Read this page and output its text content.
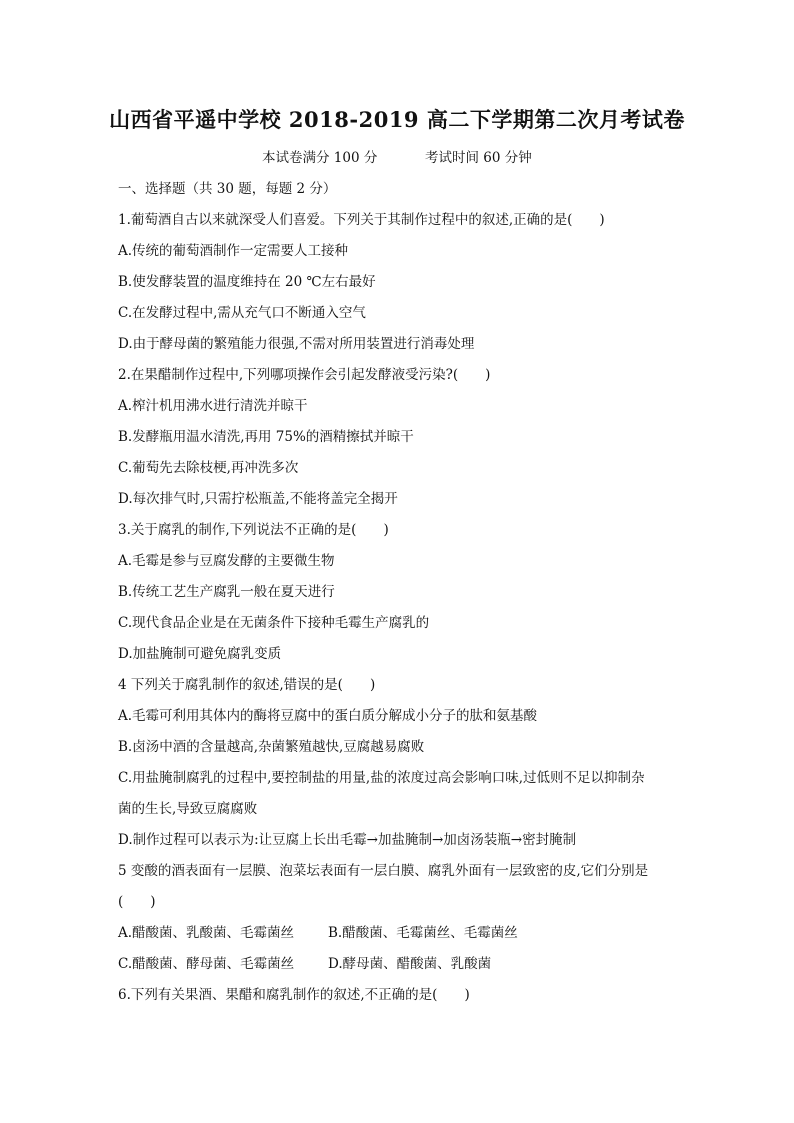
山西省平遥中学校 2018-2019 高二下学期第二次月考试卷
本试卷满分 100 分	考试时间 60 分钟
一、选择题（共 30 题，每题 2 分）
1.葡萄酒自古以来就深受人们喜爱。下列关于其制作过程中的叙述,正确的是(　　)
A.传统的葡萄酒制作一定需要人工接种
B.使发酵装置的温度维持在 20 ℃左右最好
C.在发酵过程中,需从充气口不断通入空气
D.由于酵母菌的繁殖能力很强,不需对所用装置进行消毒处理
2.在果醋制作过程中,下列哪项操作会引起发酵液受污染?(　　)
A.榨汁机用沸水进行清洗并晾干
B.发酵瓶用温水清洗,再用 75%的酒精擦拭并晾干
C.葡萄先去除枝梗,再冲洗多次
D.每次排气时,只需拧松瓶盖,不能将盖完全揭开
3.关于腐乳的制作,下列说法不正确的是(　　)
A.毛霉是参与豆腐发酵的主要微生物
B.传统工艺生产腐乳一般在夏天进行
C.现代食品企业是在无菌条件下接种毛霉生产腐乳的
D.加盐腌制可避免腐乳变质
4 下列关于腐乳制作的叙述,错误的是(　　)
A.毛霉可利用其体内的酶将豆腐中的蛋白质分解成小分子的肽和氨基酸
B.卤汤中酒的含量越高,杂菌繁殖越快,豆腐越易腐败
C.用盐腌制腐乳的过程中,要控制盐的用量,盐的浓度过高会影响口味,过低则不足以抑制杂
菌的生长,导致豆腐腐败
D.制作过程可以表示为:让豆腐上长出毛霉→加盐腌制→加卤汤装瓶→密封腌制
5 变酸的酒表面有一层膜、泡菜坛表面有一层白膜、腐乳外面有一层致密的皮,它们分别是
(　　)
A.醋酸菌、乳酸菌、毛霉菌丝	B.醋酸菌、毛霉菌丝、毛霉菌丝
C.醋酸菌、酵母菌、毛霉菌丝	D.酵母菌、醋酸菌、乳酸菌
6.下列有关果酒、果醋和腐乳制作的叙述,不正确的是(　　)
